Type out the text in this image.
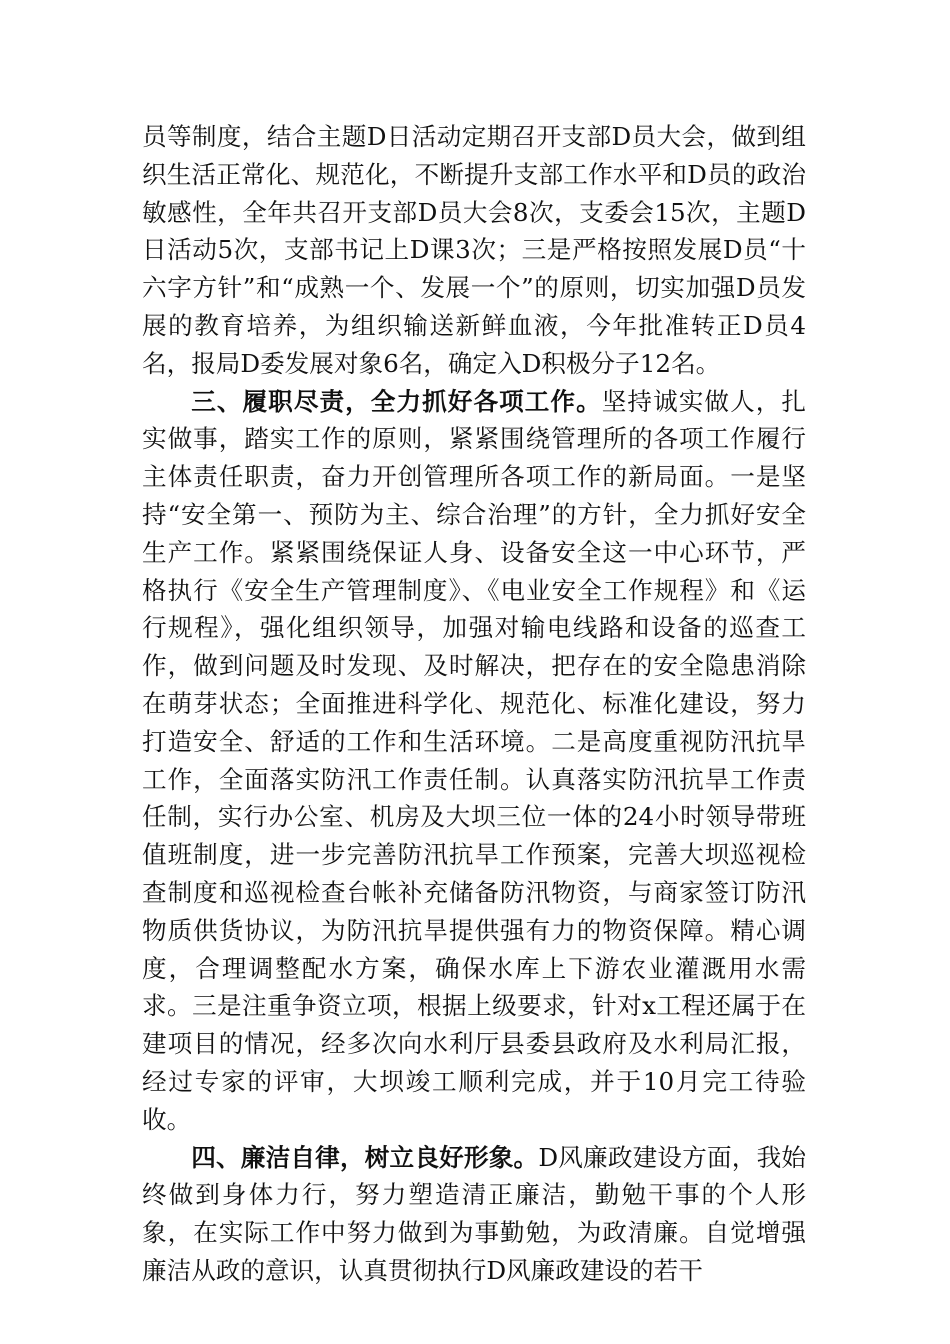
员等制度，结合主题D日活动定期召开支部D员大会，做到组织生活正常化、规范化，不断提升支部工作水平和D员的政治敏感性，全年共召开支部D员大会8次，支委会15次，主题D日活动5次，支部书记上D课3次；三是严格按照发展D员“十六字方针”和“成熟一个、发展一个”的原则，切实加强D员发展的教育培养，为组织输送新鲜血液，今年批准转正D员4名，报局D委发展对象6名，确定入D积极分子12名。

三、履职尽责，全力抓好各项工作。坚持诚实做人，扎实做事，踏实工作的原则，紧紧围绕管理所的各项工作履行主体责任职责，奋力开创管理所各项工作的新局面。一是坚持“安全第一、预防为主、综合治理”的方针，全力抓好安全生产工作。紧紧围绕保证人身、设备安全这一中心环节，严格执行《安全生产管理制度》、《电业安全工作规程》和《运行规程》，强化组织领导，加强对输电线路和设备的巡查工作，做到问题及时发现、及时解决，把存在的安全隐患消除在萌芽状态；全面推进科学化、规范化、标准化建设，努力打造安全、舒适的工作和生活环境。二是高度重视防汛抗旱工作，全面落实防汛工作责任制。认真落实防汛抗旱工作责任制，实行办公室、机房及大坝三位一体的24小时领导带班值班制度，进一步完善防汛抗旱工作预案，完善大坝巡视检查制度和巡视检查台帐补充储备防汛物资，与商家签订防汛物质供货协议，为防汛抗旱提供强有力的物资保障。精心调度，合理调整配水方案，确保水库上下游农业灌溉用水需求。三是注重争资立项，根据上级要求，针对x工程还属于在建项目的情况，经多次向水利厅县委县政府及水利局汇报，经过专家的评审，大坝竣工顺利完成，并于10月完工待验收。

四、廉洁自律，树立良好形象。D风廉政建设方面，我始终做到身体力行，努力塑造清正廉洁，勤勉干事的个人形象，在实际工作中努力做到为事勤勉，为政清廉。自觉增强廉洁从政的意识，认真贯彻执行D风廉政建设的若干
